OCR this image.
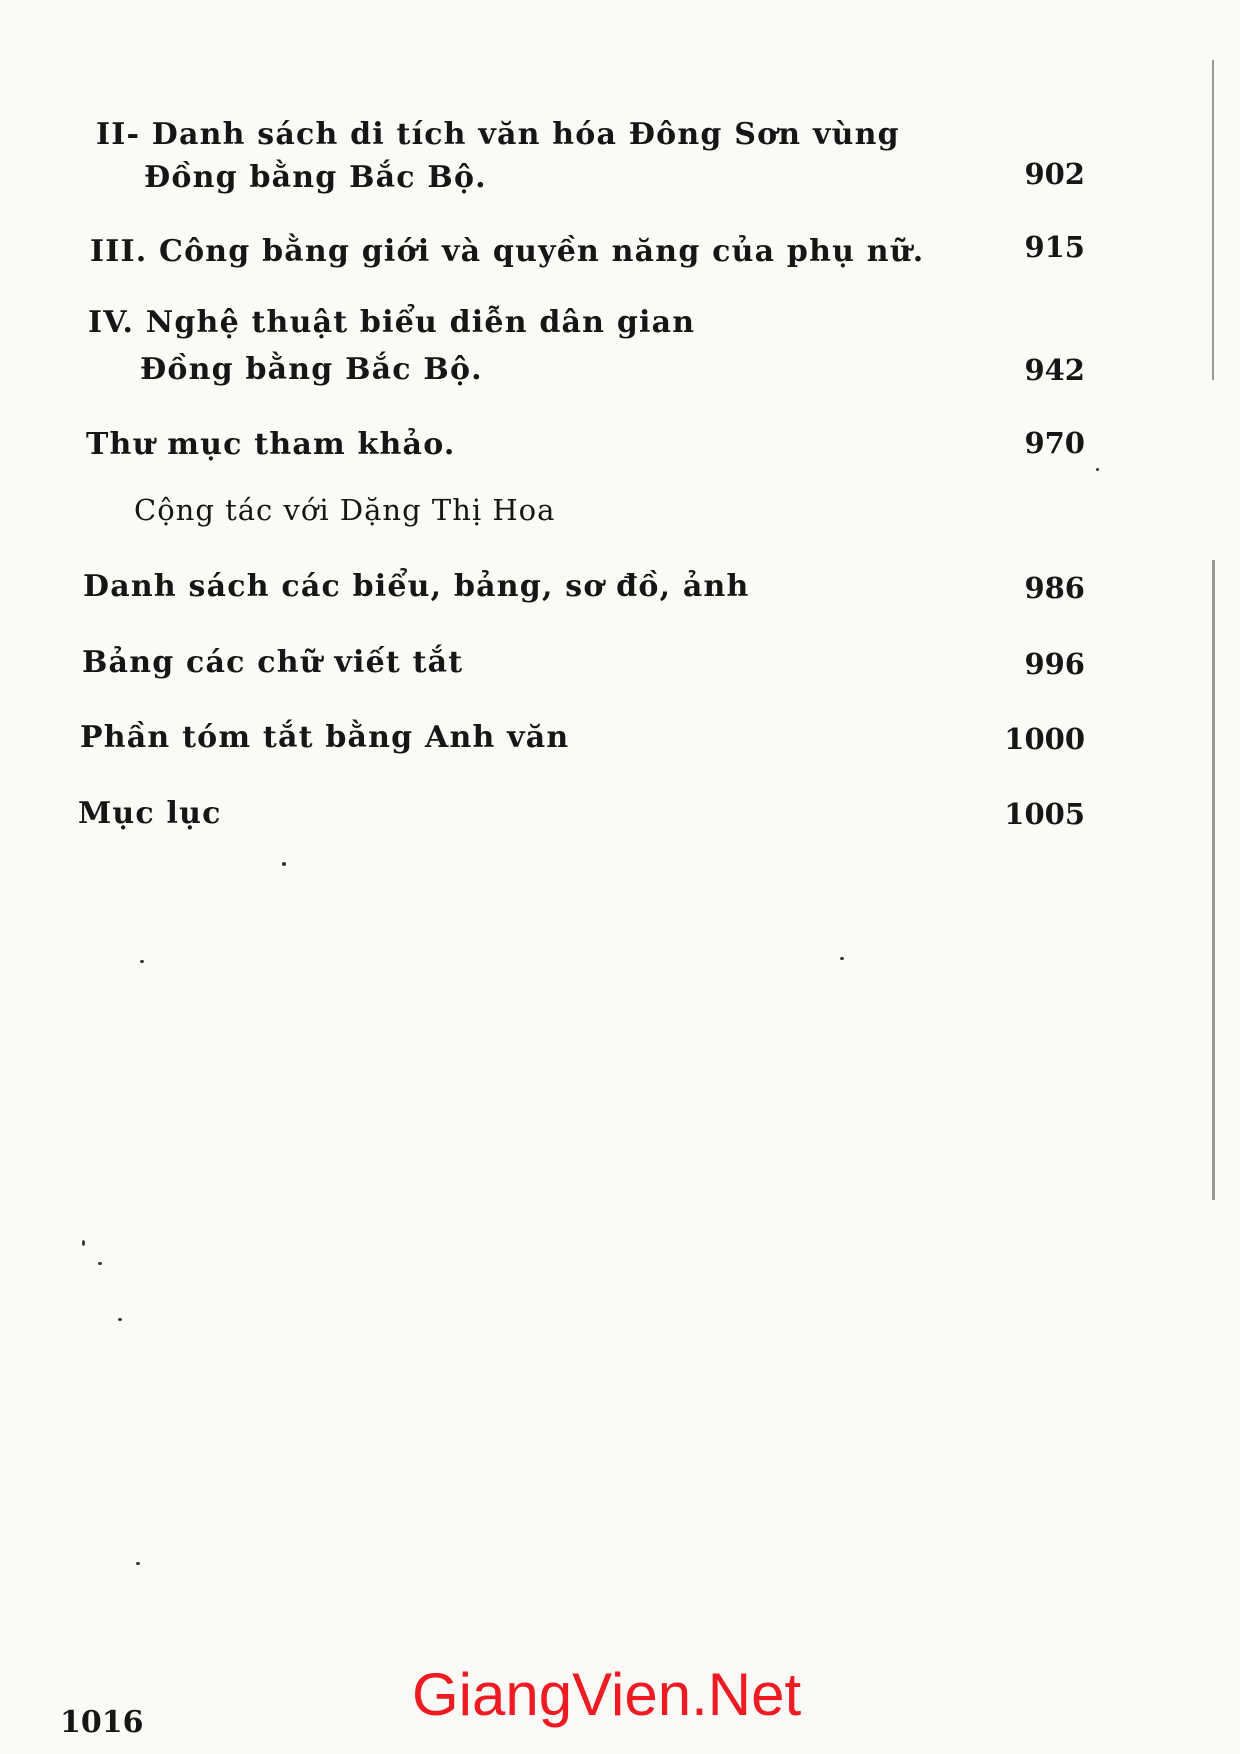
II- Danh sách di tích văn hóa Đông Sơn vùng
Đồng bằng Bắc Bộ.	902
III. Công bằng giới và quyền năng của phụ nữ.	915
IV. Nghệ thuật biểu diễn dân gian
Đồng bằng Bắc Bộ.	942
Thư mục tham khảo.	970
Cộng tác với Dặng Thị Hoa
Danh sách các biểu, bảng, sơ đồ, ảnh	986
Bảng các chữ viết tắt	996
Phần tóm tắt bằng Anh văn	1000
Mục lục	1005
1016	GiangVien.Net
